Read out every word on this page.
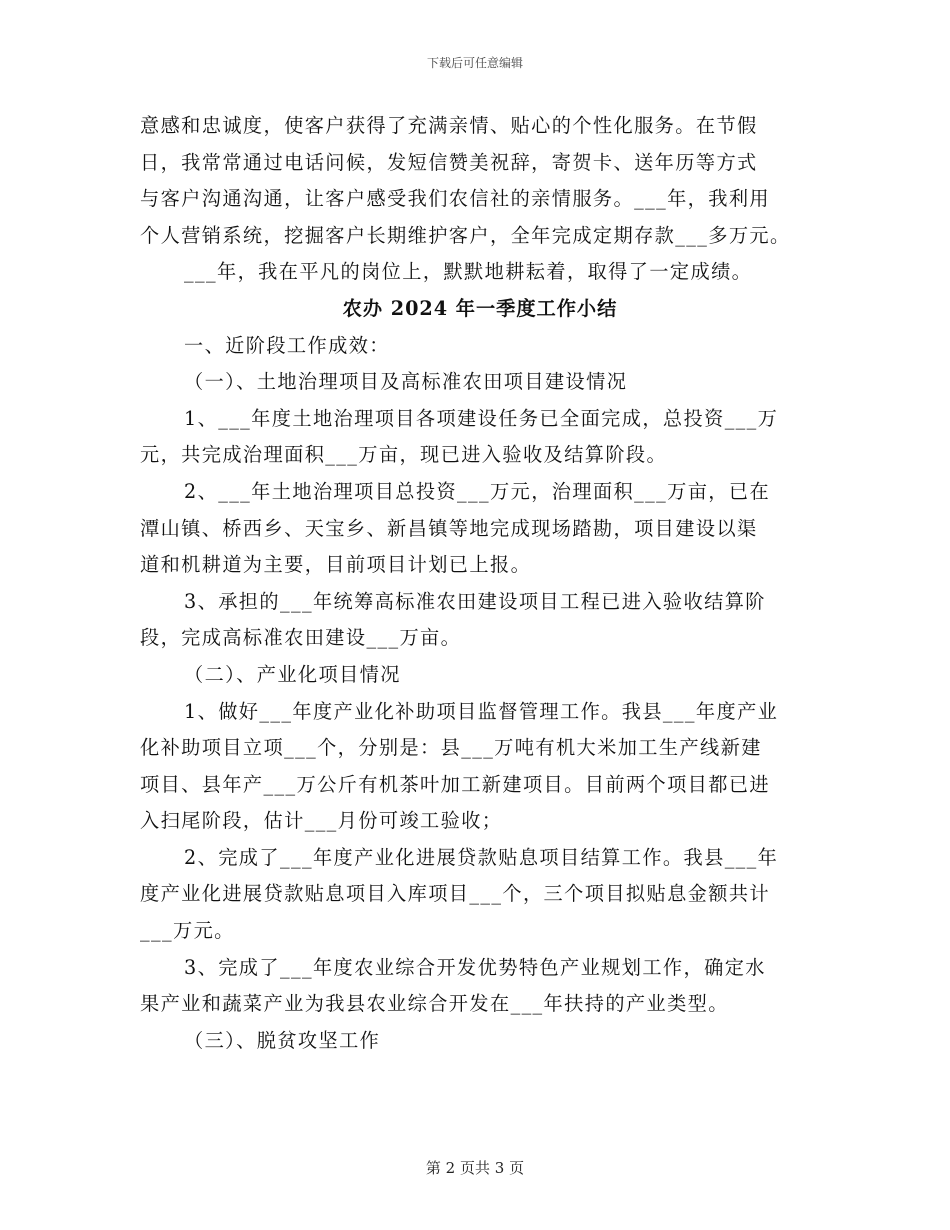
下载后可任意编辑
意感和忠诚度，使客户获得了充满亲情、贴心的个性化服务。在节假
日，我常常通过电话问候，发短信赞美祝辞，寄贺卡、送年历等方式
与客户沟通沟通，让客户感受我们农信社的亲情服务。___年，我利用
个人营销系统，挖掘客户长期维护客户，全年完成定期存款___多万元。
___年，我在平凡的岗位上，默默地耕耘着，取得了一定成绩。
农办 2024 年一季度工作小结
一、近阶段工作成效：
（一）、土地治理项目及高标准农田项目建设情况
1、___年度土地治理项目各项建设任务已全面完成，总投资___万
元，共完成治理面积___万亩，现已进入验收及结算阶段。
2、___年土地治理项目总投资___万元，治理面积___万亩，已在
潭山镇、桥西乡、天宝乡、新昌镇等地完成现场踏勘，项目建设以渠
道和机耕道为主要，目前项目计划已上报。
3、承担的___年统筹高标准农田建设项目工程已进入验收结算阶
段，完成高标准农田建设___万亩。
（二）、产业化项目情况
1、做好___年度产业化补助项目监督管理工作。我县___年度产业
化补助项目立项___个，分别是：县___万吨有机大米加工生产线新建
项目、县年产___万公斤有机茶叶加工新建项目。目前两个项目都已进
入扫尾阶段，估计___月份可竣工验收；
2、完成了___年度产业化进展贷款贴息项目结算工作。我县___年
度产业化进展贷款贴息项目入库项目___个，三个项目拟贴息金额共计
___万元。
3、完成了___年度农业综合开发优势特色产业规划工作，确定水
果产业和蔬菜产业为我县农业综合开发在___年扶持的产业类型。
（三）、脱贫攻坚工作
第 2 页共 3 页
